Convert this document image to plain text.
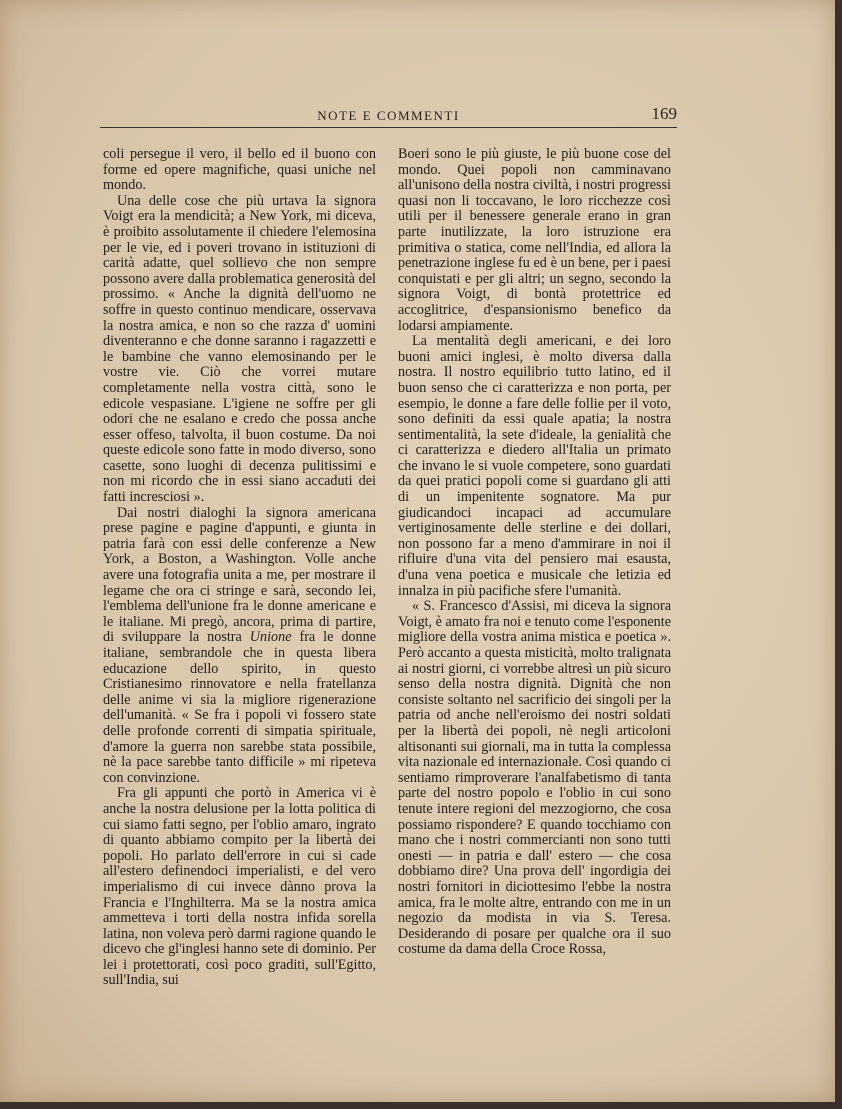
NOTE E COMMENTI	169

coli persegue il vero, il bello ed il buono con forme ed opere magnifiche, quasi uniche nel mondo.

Una delle cose che più urtava la signora Voigt era la mendicità; a New York, mi diceva, è proibito assolutamente il chiedere l'elemosina per le vie, ed i poveri trovano in istituzioni di carità adatte, quel sollievo che non sempre possono avere dalla problematica generosità del prossimo. « Anche la dignità dell'uomo ne soffre in questo continuo mendicare, osservava la nostra amica, e non so che razza d' uomini diventeranno e che donne saranno i ragazzetti e le bambine che vanno elemosinando per le vostre vie. Ciò che vorrei mutare completamente nella vostra città, sono le edicole vespasiane. L'igiene ne soffre per gli odori che ne esalano e credo che possa anche esser offeso, talvolta, il buon costume. Da noi queste edicole sono fatte in modo diverso, sono casette, sono luoghi di decenza pulitissimi e non mi ricordo che in essi siano accaduti dei fatti incresciosi ».

Dai nostri dialoghi la signora americana prese pagine e pagine d'appunti, e giunta in patria farà con essi delle conferenze a New York, a Boston, a Washington. Volle anche avere una fotografia unita a me, per mostrare il legame che ora ci stringe e sarà, secondo lei, l'emblema dell'unione fra le donne americane e le italiane. Mi pregò, ancora, prima di partire, di sviluppare la nostra Unione fra le donne italiane, sembrandole che in questa libera educazione dello spirito, in questo Cristianesimo rinnovatore e nella fratellanza delle anime vi sia la migliore rigenerazione dell'umanità. « Se fra i popoli vi fossero state delle profonde correnti di simpatia spirituale, d'amore la guerra non sarebbe stata possibile, nè la pace sarebbe tanto difficile » mi ripeteva con convinzione.

Fra gli appunti che portò in America vi è anche la nostra delusione per la lotta politica di cui siamo fatti segno, per l'oblio amaro, ingrato di quanto abbiamo compito per la libertà dei popoli. Ho parlato dell'errore in cui si cade all'estero definendoci imperialisti, e del vero imperialismo di cui invece dànno prova la Francia e l'Inghilterra. Ma se la nostra amica ammetteva i torti della nostra infida sorella latina, non voleva però darmi ragione quando le dicevo che gl'inglesi hanno sete di dominio. Per lei i protettorati, così poco graditi, sull'Egitto, sull'India, sui

Boeri sono le più giuste, le più buone cose del mondo. Quei popoli non camminavano all'unisono della nostra civiltà, i nostri progressi quasi non li toccavano, le loro ricchezze così utili per il benessere generale erano in gran parte inutilizzate, la loro istruzione era primitiva o statica, come nell'India, ed allora la penetrazione inglese fu ed è un bene, per i paesi conquistati e per gli altri; un segno, secondo la signora Voigt, di bontà protettrice ed accoglitrice, d'espansionismo benefico da lodarsi ampiamente.

La mentalità degli americani, e dei loro buoni amici inglesi, è molto diversa dalla nostra. Il nostro equilibrio tutto latino, ed il buon senso che ci caratterizza e non porta, per esempio, le donne a fare delle follie per il voto, sono definiti da essi quale apatia; la nostra sentimentalità, la sete d'ideale, la genialità che ci caratterizza e diedero all'Italia un primato che invano le si vuole competere, sono guardati da quei pratici popoli come si guardano gli atti di un impenitente sognatore. Ma pur giudicandoci incapaci ad accumulare vertiginosamente delle sterline e dei dollari, non possono far a meno d'ammirare in noi il rifluire d'una vita del pensiero mai esausta, d'una vena poetica e musicale che letizia ed innalza in più pacifiche sfere l'umanità.

« S. Francesco d'Assisi, mi diceva la signora Voigt, è amato fra noi e tenuto come l'esponente migliore della vostra anima mistica e poetica ». Però accanto a questa misticità, molto tralignata ai nostri giorni, ci vorrebbe altresì un più sicuro senso della nostra dignità. Dignità che non consiste soltanto nel sacrificio dei singoli per la patria od anche nell'eroismo dei nostri soldati per la libertà dei popoli, nè negli articoloni altisonanti sui giornali, ma in tutta la complessa vita nazionale ed internazionale. Così quando ci sentiamo rimproverare l'analfabetismo di tanta parte del nostro popolo e l'oblio in cui sono tenute intere regioni del mezzogiorno, che cosa possiamo rispondere? E quando tocchiamo con mano che i nostri commercianti non sono tutti onesti — in patria e dall' estero — che cosa dobbiamo dire? Una prova dell' ingordigia dei nostri fornitori in diciottesimo l'ebbe la nostra amica, fra le molte altre, entrando con me in un negozio da modista in via S. Teresa. Desiderando di posare per qualche ora il suo costume da dama della Croce Rossa,
